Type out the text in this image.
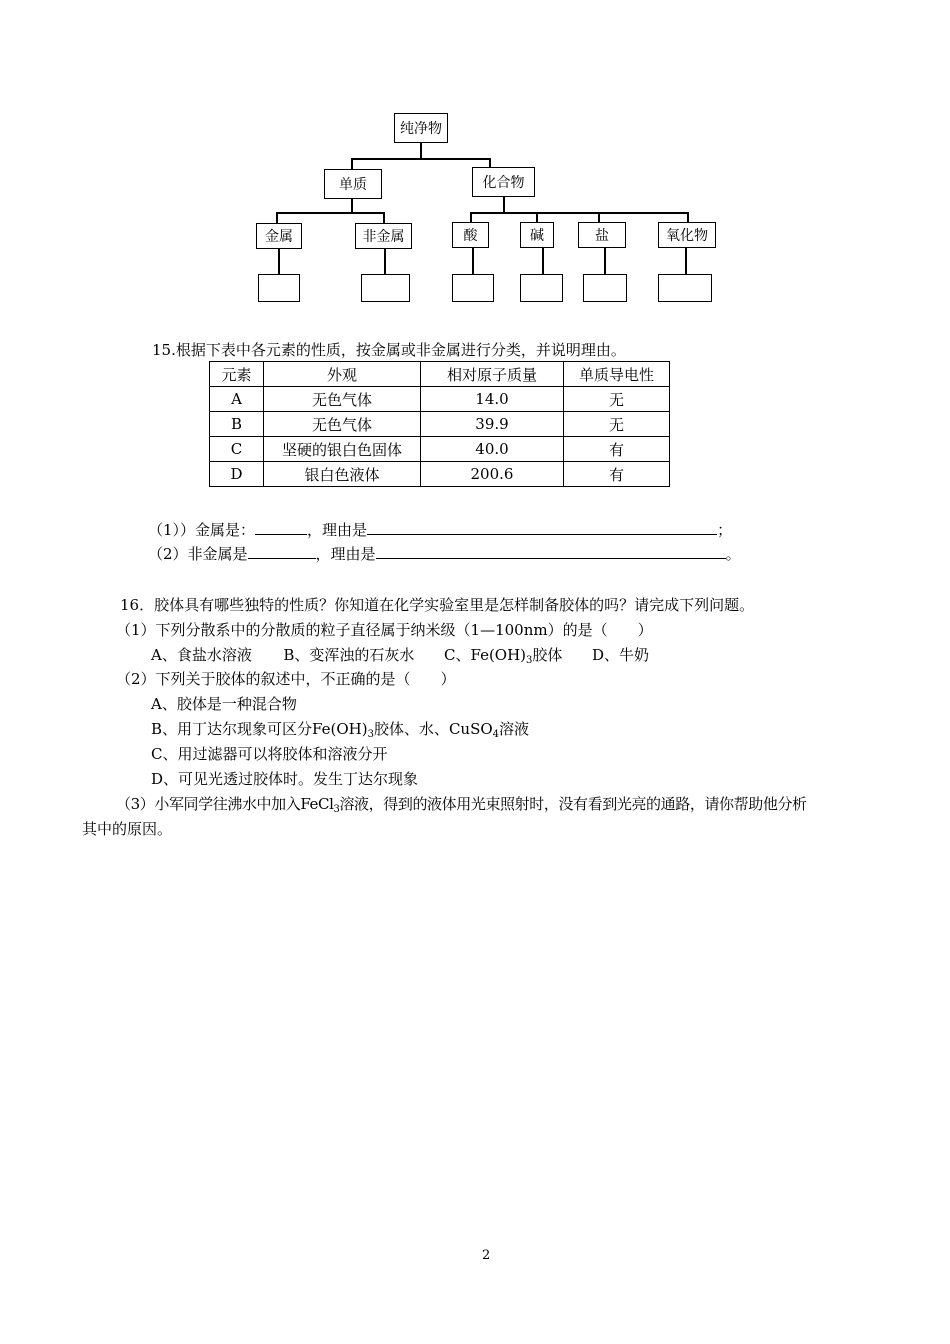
纯净物
单质	化合物
金属	非金属	酸	碱	盐	氧化物
15.根据下表中各元素的性质，按金属或非金属进行分类，并说明理由。
元素	外观	相对原子质量	单质导电性
A	无色气体	14.0	无
B	无色气体	39.9	无
C	坚硬的银白色固体	40.0	有
D	银白色液体	200.6	有
（1））金属是：	，理由是	；
（2）非金属是	，理由是	。
16．胶体具有哪些独特的性质？你知道在化学实验室里是怎样制备胶体的吗？请完成下列问题。
（1）下列分散系中的分散质的粒子直径属于纳米级（1—100nm）的是（　　）
A、食盐水溶液 B、变浑浊的石灰水 C、$Fe(OH)_3$胶体 D、牛奶
（2）下列关于胶体的叙述中，不正确的是（　　）
A、胶体是一种混合物
B、用丁达尔现象可区分$Fe(OH)_3$胶体、水、CuSO$_4$溶液
C、用过滤器可以将胶体和溶液分开
D、可见光透过胶体时。发生丁达尔现象
（3）小军同学往沸水中加入FeCl$_3$溶液，得到的液体用光束照射时，没有看到光亮的通路，请你帮助他分析
其中的原因。
2
